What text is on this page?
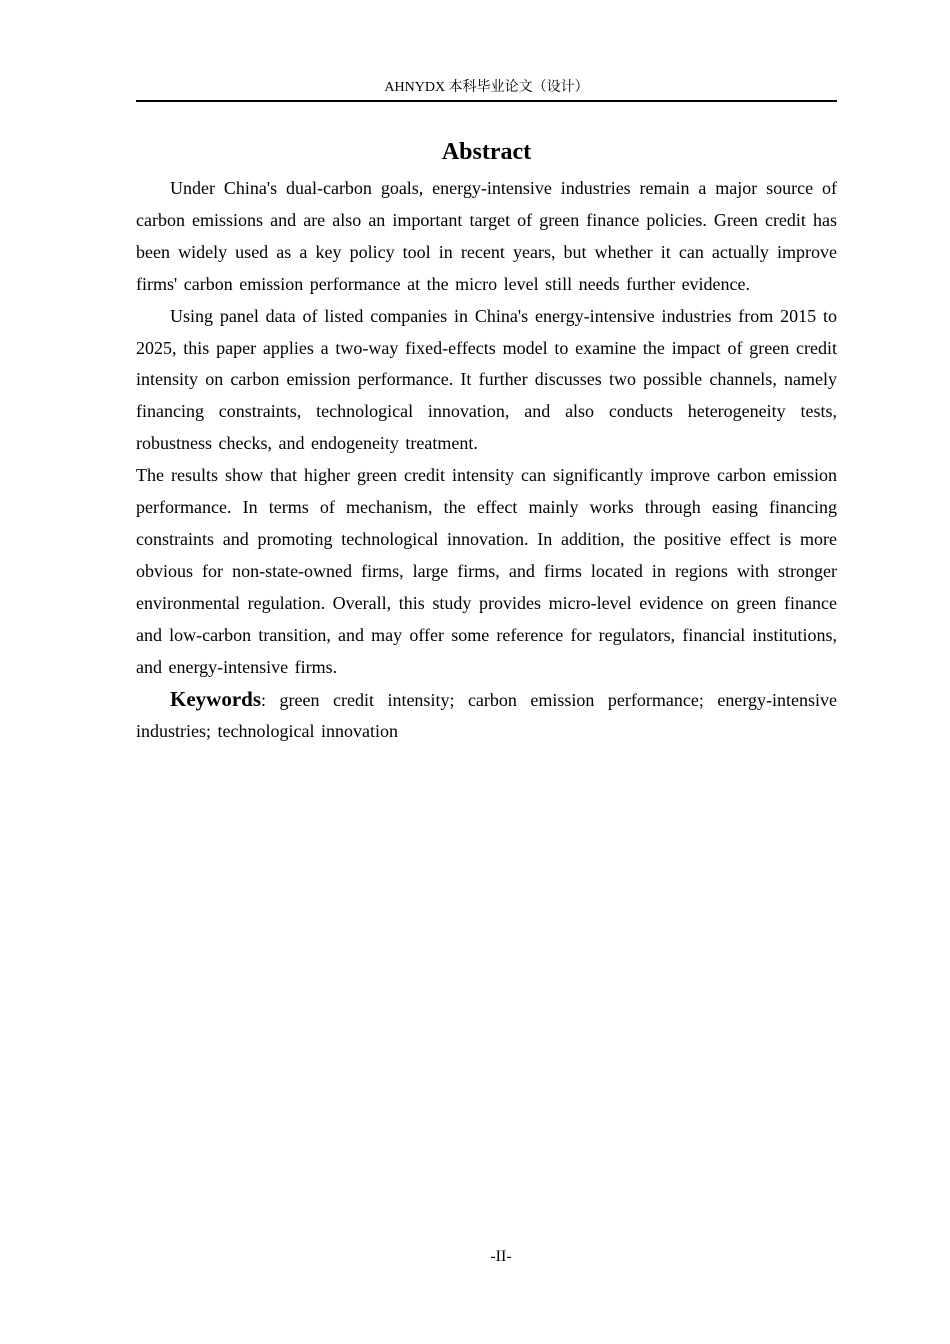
AHNYDX 本科毕业论文（设计）
Abstract

Under China's dual-carbon goals, energy-intensive industries remain a major source of carbon emissions and are also an important target of green finance policies. Green credit has been widely used as a key policy tool in recent years, but whether it can actually improve firms' carbon emission performance at the micro level still needs further evidence.

Using panel data of listed companies in China's energy-intensive industries from 2015 to 2025, this paper applies a two-way fixed-effects model to examine the impact of green credit intensity on carbon emission performance. It further discusses two possible channels, namely financing constraints, technological innovation, and also conducts heterogeneity tests, robustness checks, and endogeneity treatment.

The results show that higher green credit intensity can significantly improve carbon emission performance. In terms of mechanism, the effect mainly works through easing financing constraints and promoting technological innovation. In addition, the positive effect is more obvious for non-state-owned firms, large firms, and firms located in regions with stronger environmental regulation. Overall, this study provides micro-level evidence on green finance and low-carbon transition, and may offer some reference for regulators, financial institutions, and energy-intensive firms.

Keywords: green credit intensity; carbon emission performance; energy-intensive industries; technological innovation

-II-
